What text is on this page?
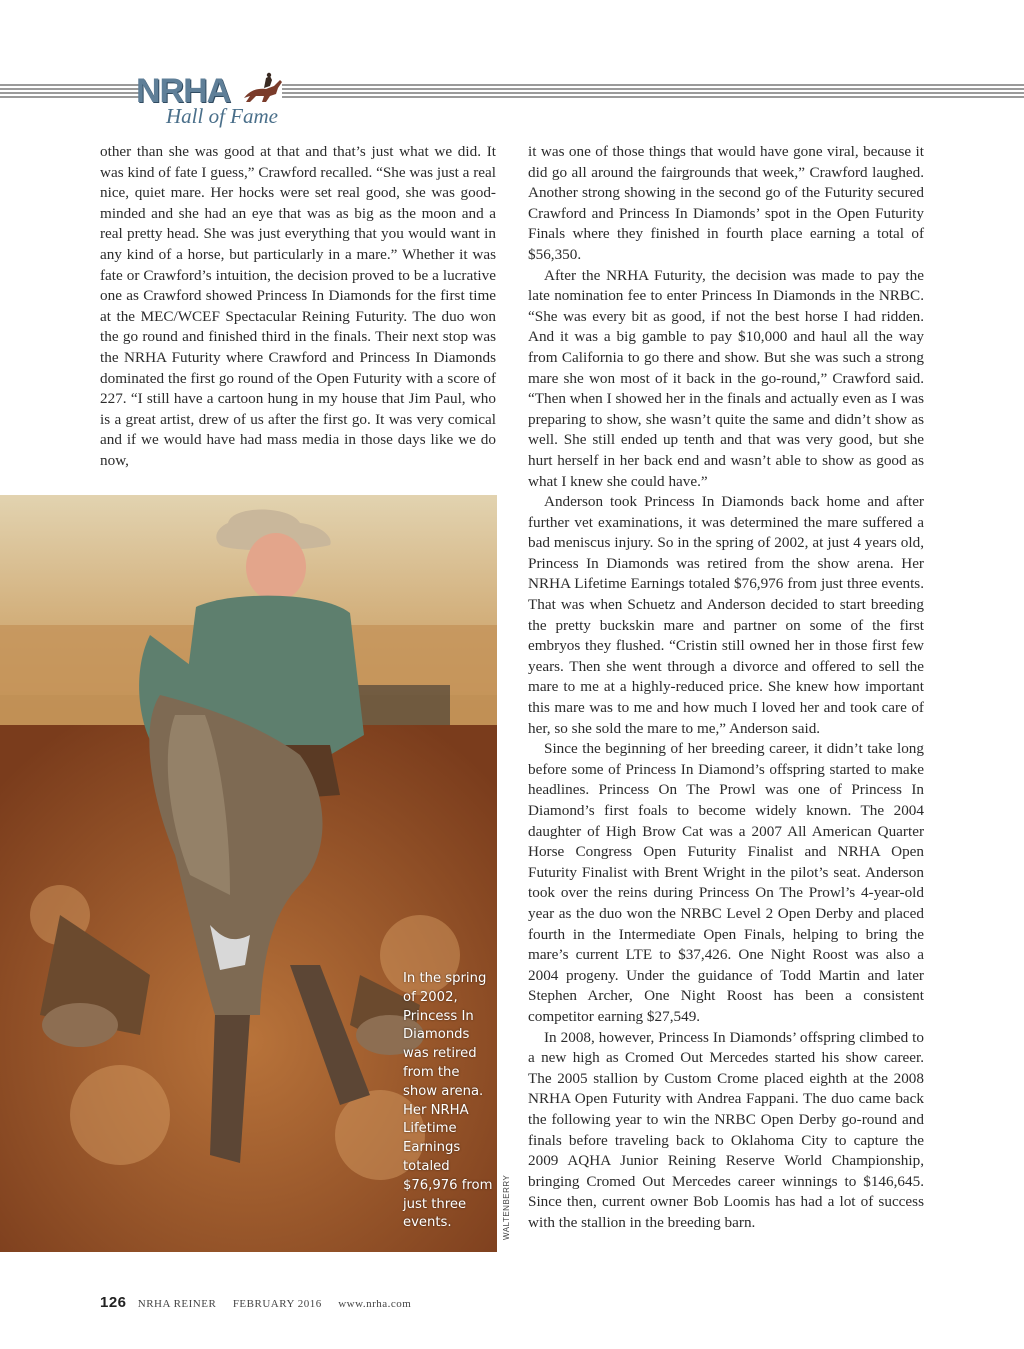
NRHA
Hall of Fame

other than she was good at that and that’s just what we did. It was kind of fate I guess,” Crawford recalled. “She was just a real nice, quiet mare. Her hocks were set real good, she was good-minded and she had an eye that was as big as the moon and a real pretty head. She was just everything that you would want in any kind of a horse, but particularly in a mare.” Whether it was fate or Crawford’s intuition, the decision proved to be a lucrative one as Crawford showed Princess In Diamonds for the first time at the MEC/WCEF Spectacular Reining Futurity. The duo won the go round and finished third in the finals. Their next stop was the NRHA Futurity where Crawford and Princess In Diamonds dominated the first go round of the Open Futurity with a score of 227. “I still have a cartoon hung in my house that Jim Paul, who is a great artist, drew of us after the first go. It was very comical and if we would have had mass media in those days like we do now,

it was one of those things that would have gone viral, because it did go all around the fairgrounds that week,” Crawford laughed. Another strong showing in the second go of the Futurity secured Crawford and Princess In Diamonds’ spot in the Open Futurity Finals where they finished in fourth place earning a total of $56,350.

After the NRHA Futurity, the decision was made to pay the late nomination fee to enter Princess In Diamonds in the NRBC. “She was every bit as good, if not the best horse I had ridden. And it was a big gamble to pay $10,000 and haul all the way from California to go there and show. But she was such a strong mare she won most of it back in the go-round,” Crawford said. “Then when I showed her in the finals and actually even as I was preparing to show, she wasn’t quite the same and didn’t show as well. She still ended up tenth and that was very good, but she hurt herself in her back end and wasn’t able to show as good as what I knew she could have.”

Anderson took Princess In Diamonds back home and after further vet examinations, it was determined the mare suffered a bad meniscus injury. So in the spring of 2002, at just 4 years old, Princess In Diamonds was retired from the show arena. Her NRHA Lifetime Earnings totaled $76,976 from just three events. That was when Schuetz and Anderson decided to start breeding the pretty buckskin mare and partner on some of the first embryos they flushed. “Cristin still owned her in those first few years. Then she went through a divorce and offered to sell the mare to me at a highly-reduced price. She knew how important this mare was to me and how much I loved her and took care of her, so she sold the mare to me,” Anderson said.

Since the beginning of her breeding career, it didn’t take long before some of Princess In Diamond’s offspring started to make headlines. Princess On The Prowl was one of Princess In Diamond’s first foals to become widely known. The 2004 daughter of High Brow Cat was a 2007 All American Quarter Horse Congress Open Futurity Finalist and NRHA Open Futurity Finalist with Brent Wright in the pilot’s seat. Anderson took over the reins during Princess On The Prowl’s 4-year-old year as the duo won the NRBC Level 2 Open Derby and placed fourth in the Intermediate Open Finals, helping to bring the mare’s current LTE to $37,426. One Night Roost was also a 2004 progeny. Under the guidance of Todd Martin and later Stephen Archer, One Night Roost has been a consistent competitor earning $27,549.

In 2008, however, Princess In Diamonds’ offspring climbed to a new high as Cromed Out Mercedes started his show career. The 2005 stallion by Custom Crome placed eighth at the 2008 NRHA Open Futurity with Andrea Fappani. The duo came back the following year to win the NRBC Open Derby go-round and finals before traveling back to Oklahoma City to capture the 2009 AQHA Junior Reining Reserve World Championship, bringing Cromed Out Mercedes career winnings to $146,645. Since then, current owner Bob Loomis has had a lot of success with the stallion in the breeding barn.

In the spring of 2002, Princess In Diamonds was retired from the show arena. Her NRHA Lifetime Earnings totaled $76,976 from just three events.	WALTENBERRY
126 NRHA REINER FEBRUARY 2016 www.nrha.com
